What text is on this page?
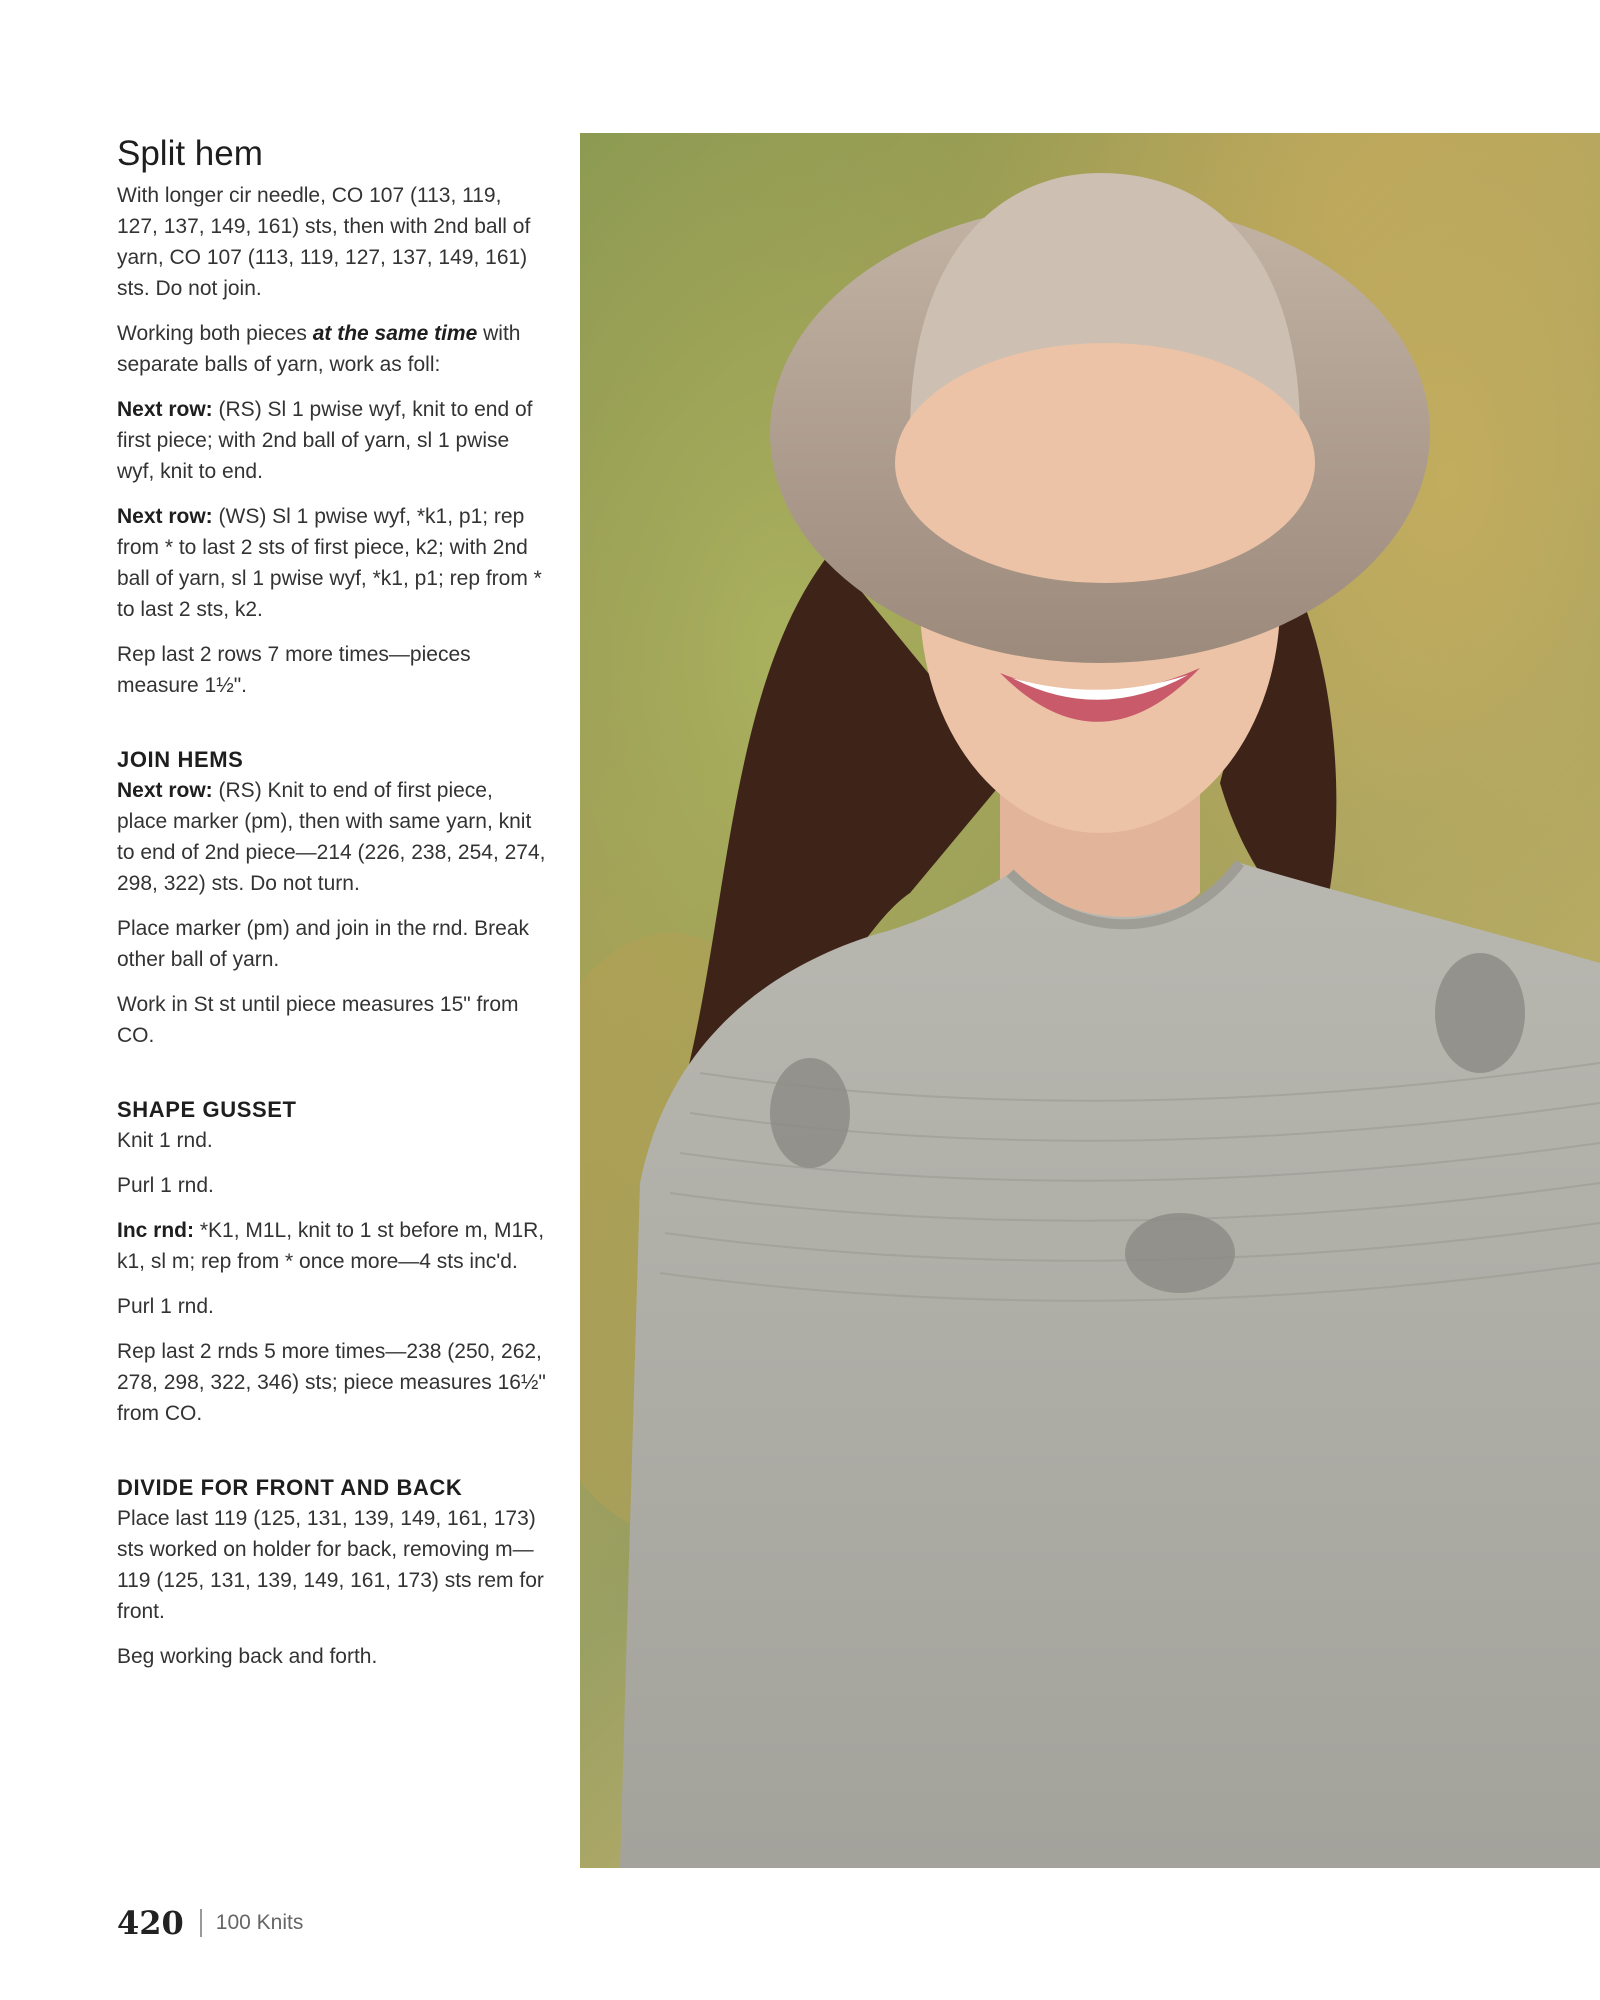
Split hem

With longer cir needle, CO 107 (113, 119, 127, 137, 149, 161) sts, then with 2nd ball of yarn, CO 107 (113, 119, 127, 137, 149, 161) sts. Do not join.

Working both pieces at the same time with separate balls of yarn, work as foll:

Next row: (RS) Sl 1 pwise wyf, knit to end of first piece; with 2nd ball of yarn, sl 1 pwise wyf, knit to end.

Next row: (WS) Sl 1 pwise wyf, *k1, p1; rep from * to last 2 sts of first piece, k2; with 2nd ball of yarn, sl 1 pwise wyf, *k1, p1; rep from * to last 2 sts, k2.

Rep last 2 rows 7 more times—pieces measure 1½".

JOIN HEMS

Next row: (RS) Knit to end of first piece, place marker (pm), then with same yarn, knit to end of 2nd piece—214 (226, 238, 254, 274, 298, 322) sts. Do not turn.

Place marker (pm) and join in the rnd. Break other ball of yarn.

Work in St st until piece measures 15" from CO.

SHAPE GUSSET

Knit 1 rnd.

Purl 1 rnd.

Inc rnd: *K1, M1L, knit to 1 st before m, M1R, k1, sl m; rep from * once more—4 sts inc'd.

Purl 1 rnd.

Rep last 2 rnds 5 more times—238 (250, 262, 278, 298, 322, 346) sts; piece measures 16½" from CO.

DIVIDE FOR FRONT AND BACK

Place last 119 (125, 131, 139, 149, 161, 173) sts worked on holder for back, removing m—119 (125, 131, 139, 149, 161, 173) sts rem for front.

Beg working back and forth.

420 100 Knits
